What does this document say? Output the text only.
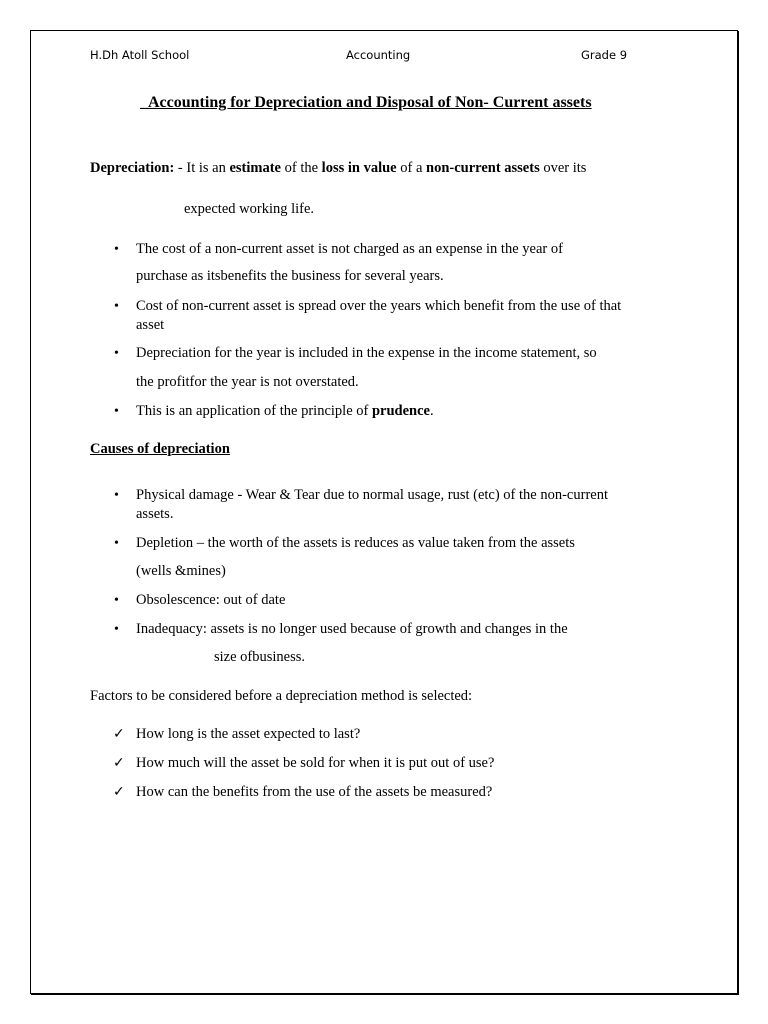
H.Dh Atoll School	Accounting	Grade 9
_Accounting for Depreciation and Disposal of Non- Current assets
Depreciation: - It is an estimate of the loss in value of a non-current assets over its
expected working life.
• The cost of a non-current asset is not charged as an expense in the year of
purchase as itsbenefits the business for several years.
• Cost of non-current asset is spread over the years which benefit from the use of that
asset
• Depreciation for the year is included in the expense in the income statement, so
the profitfor the year is not overstated.
• This is an application of the principle of prudence.
Causes of depreciation
• Physical damage - Wear & Tear due to normal usage, rust (etc) of the non-current
assets.
• Depletion – the worth of the assets is reduces as value taken from the assets
(wells &mines)
• Obsolescence: out of date
• Inadequacy: assets is no longer used because of growth and changes in the
size ofbusiness.
Factors to be considered before a depreciation method is selected:
✓ How long is the asset expected to last?
✓ How much will the asset be sold for when it is put out of use?
✓ How can the benefits from the use of the assets be measured?
